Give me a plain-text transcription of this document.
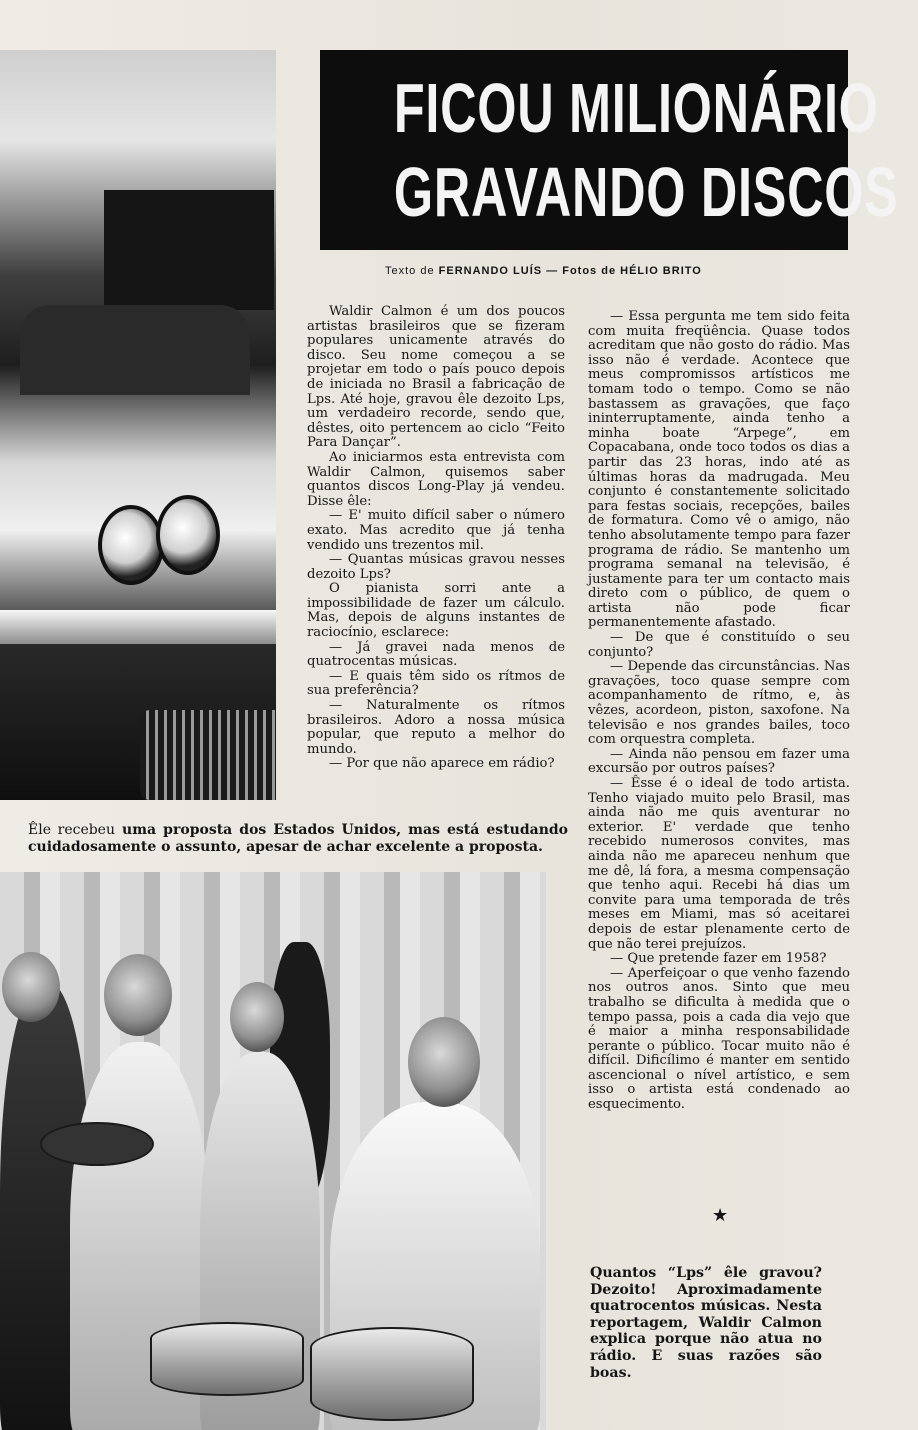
FICOU MILIONÁRIO
GRAVANDO DISCOS
Texto de FERNANDO LUÍS — Fotos de HÉLIO BRITO

Waldir Calmon é um dos poucos artistas brasileiros que se fizeram populares unicamente através do disco. Seu nome começou a se projetar em todo o país pouco depois de iniciada no Brasil a fabricação de Lps. Até hoje, gravou êle dezoito Lps, um verdadeiro recorde, sendo que, dêstes, oito pertencem ao ciclo “Feito Para Dançar”.

Ao iniciarmos esta entrevista com Waldir Calmon, quisemos saber quantos discos Long-Play já vendeu. Disse êle:

— E' muito difícil saber o número exato. Mas acredito que já tenha vendido uns trezentos mil.

— Quantas músicas gravou nesses dezoito Lps?

O pianista sorri ante a impossibilidade de fazer um cálculo. Mas, depois de alguns instantes de raciocínio, esclarece:

— Já gravei nada menos de quatrocentas músicas.

— E quais têm sido os rítmos de sua preferência?

— Naturalmente os rítmos brasileiros. Adoro a nossa música popular, que reputo a melhor do mundo.

— Por que não aparece em rádio?

— Essa pergunta me tem sido feita com muita freqüência. Quase todos acreditam que não gosto do rádio. Mas isso não é verdade. Acontece que meus compromissos artísticos me tomam todo o tempo. Como se não bastassem as gravações, que faço ininterruptamente, ainda tenho a minha boate “Arpege”, em Copacabana, onde toco todos os dias a partir das 23 horas, indo até as últimas horas da madrugada. Meu conjunto é constantemente solicitado para festas sociais, recepções, bailes de formatura. Como vê o amigo, não tenho absolutamente tempo para fazer programa de rádio. Se mantenho um programa semanal na televisão, é justamente para ter um contacto mais direto com o público, de quem o artista não pode ficar permanentemente afastado.

— De que é constituído o seu conjunto?

— Depende das circunstâncias. Nas gravações, toco quase sempre com acompanhamento de rítmo, e, às vêzes, acordeon, piston, saxofone. Na televisão e nos grandes bailes, toco com orquestra completa.

— Ainda não pensou em fazer uma excursão por outros países?

— Êsse é o ideal de todo artista. Tenho viajado muito pelo Brasil, mas ainda não me quis aventurar no exterior. E' verdade que tenho recebido numerosos convites, mas ainda não me apareceu nenhum que me dê, lá fora, a mesma compensação que tenho aqui. Recebi há dias um convite para uma temporada de três meses em Miami, mas só aceitarei depois de estar plenamente certo de que não terei prejuízos.

— Que pretende fazer em 1958?

— Aperfeiçoar o que venho fazendo nos outros anos. Sinto que meu trabalho se dificulta à medida que o tempo passa, pois a cada dia vejo que é maior a minha responsabilidade perante o público. Tocar muito não é difícil. Dificílimo é manter em sentido ascencional o nível artístico, e sem isso o artista está condenado ao esquecimento.

Êle recebeu uma proposta dos Estados Unidos, mas está estudando cuidadosamente o assunto, apesar de achar excelente a proposta.
★
Quantos “Lps” êle gravou? Dezoito! Aproximadamente quatrocentos músicas. Nesta reportagem, Waldir Calmon explica porque não atua no rádio. E suas razões são boas.
